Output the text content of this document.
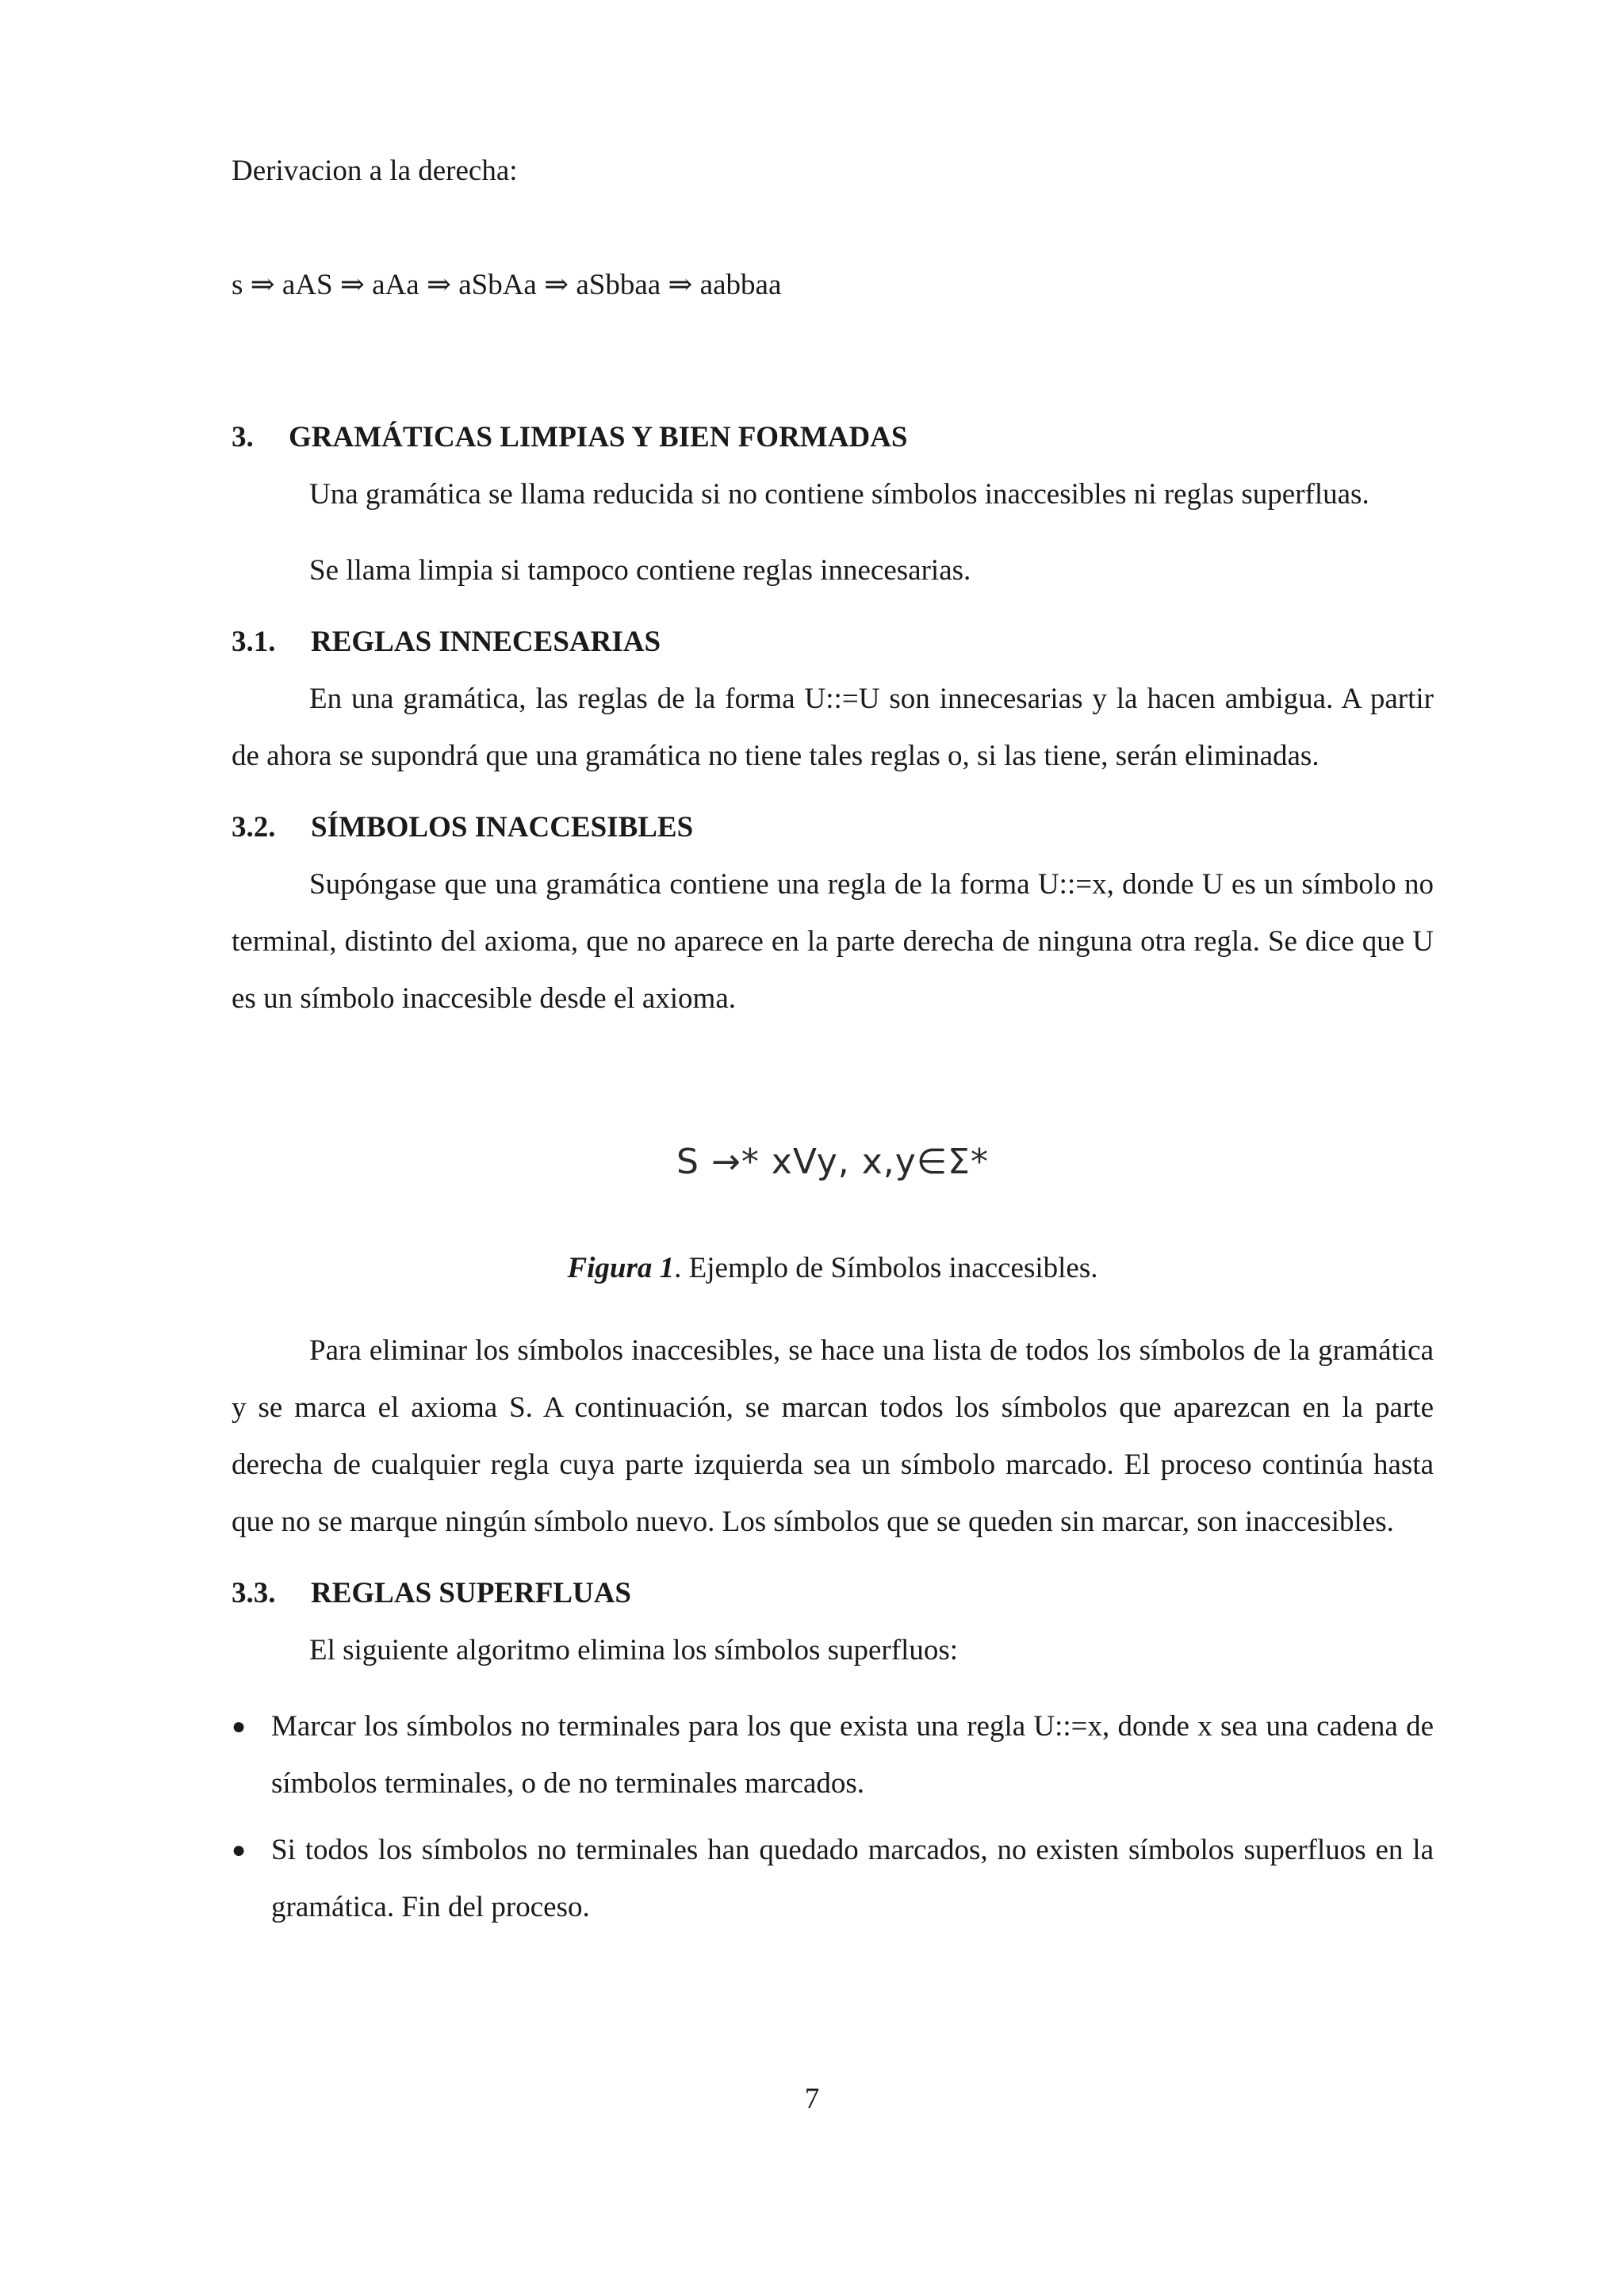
Derivacion a la derecha:

s ⇒ aAS ⇒ aAa ⇒ aSbAa ⇒ aSbbaa ⇒ aabbaa

3.	GRAMÁTICAS LIMPIAS Y BIEN FORMADAS

Una gramática se llama reducida si no contiene símbolos inaccesibles ni reglas superfluas.

Se llama limpia si tampoco contiene reglas innecesarias.

3.1.	REGLAS INNECESARIAS

En una gramática, las reglas de la forma U::=U son innecesarias y la hacen ambigua. A partir de ahora se supondrá que una gramática no tiene tales reglas o, si las tiene, serán eliminadas.

3.2.	SÍMBOLOS INACCESIBLES

Supóngase que una gramática contiene una regla de la forma U::=x, donde U es un símbolo no terminal, distinto del axioma, que no aparece en la parte derecha de ninguna otra regla. Se dice que U es un símbolo inaccesible desde el axioma.

S →* xVy, x,y∈Σ*

Figura 1. Ejemplo de Símbolos inaccesibles.

Para eliminar los símbolos inaccesibles, se hace una lista de todos los símbolos de la gramática y se marca el axioma S. A continuación, se marcan todos los símbolos que aparezcan en la parte derecha de cualquier regla cuya parte izquierda sea un símbolo marcado. El proceso continúa hasta que no se marque ningún símbolo nuevo. Los símbolos que se queden sin marcar, son inaccesibles.

3.3.	REGLAS SUPERFLUAS

El siguiente algoritmo elimina los símbolos superfluos:

● Marcar los símbolos no terminales para los que exista una regla U::=x, donde x sea una cadena de símbolos terminales, o de no terminales marcados.
● Si todos los símbolos no terminales han quedado marcados, no existen símbolos superfluos en la gramática. Fin del proceso.
7
